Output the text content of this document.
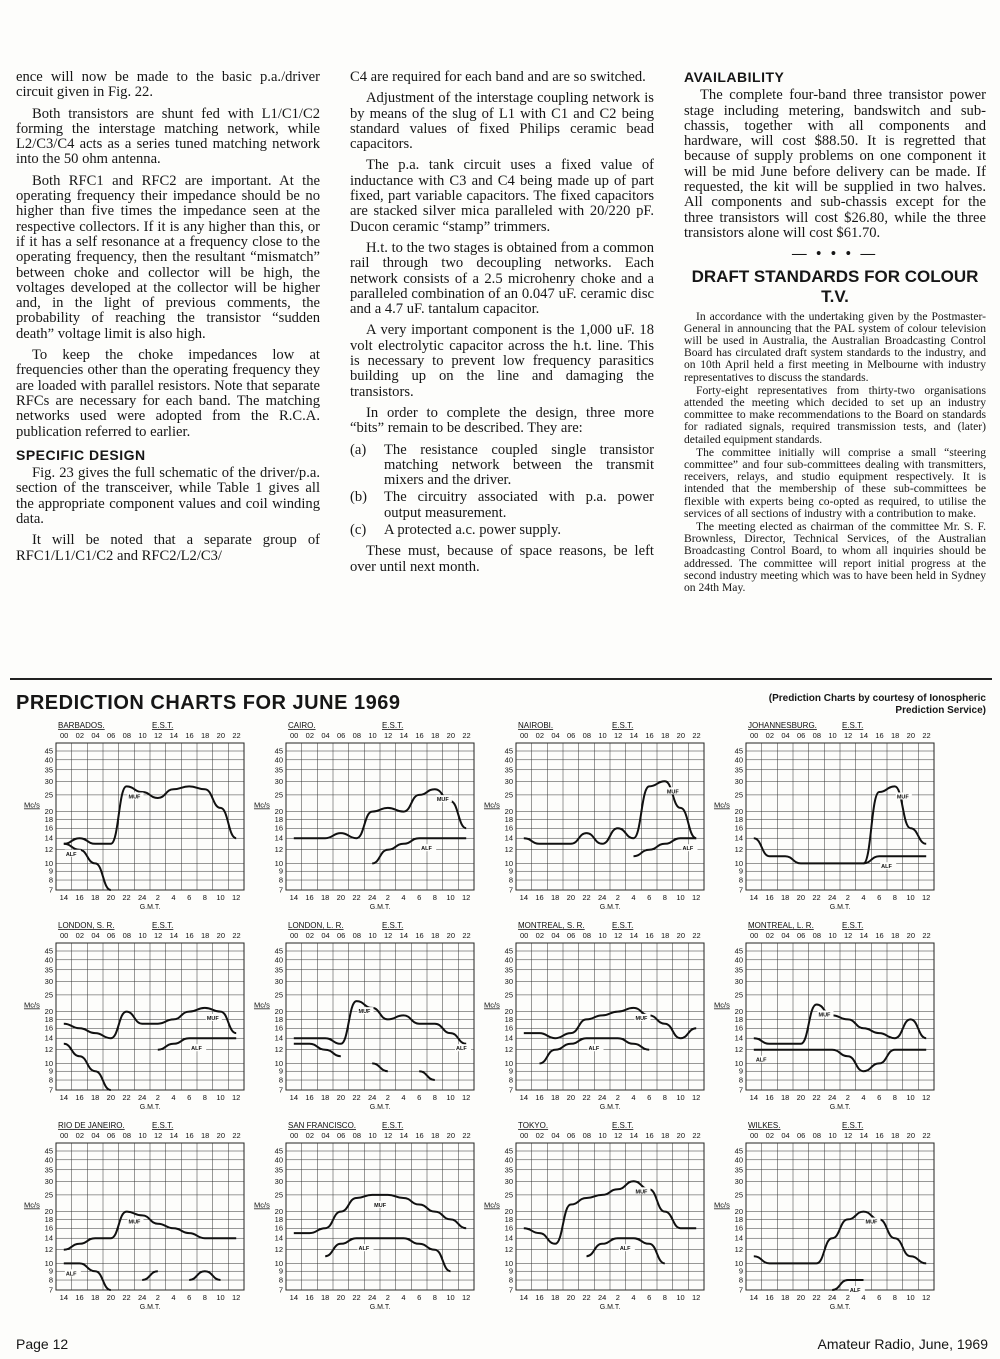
ence will now be made to the basic p.a./driver circuit given in Fig. 22.

Both transistors are shunt fed with L1/C1/C2 forming the interstage matching network, while L2/C3/C4 acts as a series tuned matching network into the 50 ohm antenna.

Both RFC1 and RFC2 are important. At the operating frequency their impedance should be no higher than five times the impedance seen at the respective collectors. If it is any higher than this, or if it has a self resonance at a frequency close to the operating frequency, then the resultant “mismatch” between choke and collector will be high, the voltages developed at the collector will be higher and, in the light of previous comments, the probability of reaching the transistor “sudden death” voltage limit is also high.

To keep the choke impedances low at frequencies other than the operating frequency they are loaded with parallel resistors. Note that separate RFCs are necessary for each band. The matching networks used were adopted from the R.C.A. publication referred to earlier.

SPECIFIC DESIGN

Fig. 23 gives the full schematic of the driver/p.a. section of the transceiver, while Table 1 gives all the appropriate component values and coil winding data.

It will be noted that a separate group of RFC1/L1/C1/C2 and RFC2/L2/C3/

C4 are required for each band and are so switched.

Adjustment of the interstage coupling network is by means of the slug of L1 with C1 and C2 being standard values of fixed Philips ceramic bead capacitors.

The p.a. tank circuit uses a fixed value of inductance with C3 and C4 being made up of part fixed, part variable capacitors. The fixed capacitors are stacked silver mica paralleled with 20/220 pF. Ducon ceramic “stamp” trimmers.

H.t. to the two stages is obtained from a common rail through two decoupling networks. Each network consists of a 2.5 microhenry choke and a paralleled combination of an 0.047 uF. ceramic disc and a 4.7 uF. tantalum capacitor.

A very important component is the 1,000 uF. 18 volt electrolytic capacitor across the h.t. line. This is necessary to prevent low frequency parasitics building up on the line and damaging the transistors.

In order to complete the design, three more “bits” remain to be described. They are:

(a)	The resistance coupled single transistor matching network between the transmit mixers and the driver.
(b)	The circuitry associated with p.a. power output measurement.
(c)	A protected a.c. power supply.

These must, because of space reasons, be left over until next month.

AVAILABILITY

The complete four-band three transistor power stage including metering, bandswitch and sub-chassis, together with all components and hardware, will cost $88.50. It is regretted that because of supply problems on one component it will be mid June before delivery can be made. If requested, the kit will be supplied in two halves. All components and sub-chassis except for the three transistors will cost $26.80, while the three transistors alone will cost $61.70.

— • • • —
DRAFT STANDARDS FOR COLOUR T.V.

In accordance with the undertaking given by the Postmaster-General in announcing that the PAL system of colour television will be used in Australia, the Australian Broadcasting Control Board has circulated draft system standards to the industry, and on 10th April held a first meeting in Melbourne with industry representatives to discuss the standards.

Forty-eight representatives from thirty-two organisations attended the meeting which decided to set up an industry committee to make recommendations to the Board on standards for radiated signals, required transmission tests, and (later) detailed equipment standards.

The committee initially will comprise a small “steering committee” and four sub-committees dealing with transmitters, receivers, relays, and studio equipment respectively. It is intended that the membership of these sub-committees be flexible with experts being co-opted as required, to utilise the services of all sections of industry with a contribution to make.

The meeting elected as chairman of the committee Mr. S. F. Brownless, Director, Technical Services, of the Australian Broadcasting Control Board, to whom all inquiries should be addressed. The committee will report initial progress at the second industry meeting which was to have been held in Sydney on 24th May.

PREDICTION CHARTS FOR JUNE 1969	(Prediction Charts by courtesy of Ionospheric Prediction Service)
BARBADOS.	E.S.T.
00 02 04 06 08 10 12 14 16 18 20 22
7
8
9
10
12
14
16
18
20
25
30
35
40
45
Mc/s
14 16 18 20 22 24 2 4 6 8 10 12
G.M.T.
MUF
ALF
CAIRO.	E.S.T.
00 02 04 06 08 10 12 14 16 18 20 22
7
8
9
10
12
14
16
18
20
25
30
35
40
45
Mc/s
14 16 18 20 22 24 2 4 6 8 10 12
G.M.T.
MUF
ALF
NAIROBI.	E.S.T.
00 02 04 06 08 10 12 14 16 18 20 22
7
8
9
10
12
14
16
18
20
25
30
35
40
45
Mc/s
14 16 18 20 22 24 2 4 6 8 10 12
G.M.T.
MUF
ALF
JOHANNESBURG.	E.S.T.
00 02 04 06 08 10 12 14 16 18 20 22
7
8
9
10
12
14
16
18
20
25
30
35
40
45
Mc/s
14 16 18 20 22 24 2 4 6 8 10 12
G.M.T.
MUF
ALF
LONDON, S. R.	E.S.T.
00 02 04 06 08 10 12 14 16 18 20 22
7
8
9
10
12
14
16
18
20
25
30
35
40
45
Mc/s
14 16 18 20 22 24 2 4 6 8 10 12
G.M.T.
MUF
ALF
LONDON, L. R.	E.S.T.
00 02 04 06 08 10 12 14 16 18 20 22
7
8
9
10
12
14
16
18
20
25
30
35
40
45
Mc/s
14 16 18 20 22 24 2 4 6 8 10 12
G.M.T.
MUF
ALF
MONTREAL, S. R.	E.S.T.
00 02 04 06 08 10 12 14 16 18 20 22
7
8
9
10
12
14
16
18
20
25
30
35
40
45
Mc/s
14 16 18 20 22 24 2 4 6 8 10 12
G.M.T.
MUF
ALF
MONTREAL, L. R.	E.S.T.
00 02 04 06 08 10 12 14 16 18 20 22
7
8
9
10
12
14
16
18
20
25
30
35
40
45
Mc/s
14 16 18 20 22 24 2 4 6 8 10 12
G.M.T.
MUF
ALF
RIO DE JANEIRO.	E.S.T.
00 02 04 06 08 10 12 14 16 18 20 22
7
8
9
10
12
14
16
18
20
25
30
35
40
45
Mc/s
14 16 18 20 22 24 2 4 6 8 10 12
G.M.T.
MUF
ALF
SAN FRANCISCO.	E.S.T.
00 02 04 06 08 10 12 14 16 18 20 22
7
8
9
10
12
14
16
18
20
25
30
35
40
45
Mc/s
14 16 18 20 22 24 2 4 6 8 10 12
G.M.T.
MUF
ALF
TOKYO.	E.S.T.
00 02 04 06 08 10 12 14 16 18 20 22
7
8
9
10
12
14
16
18
20
25
30
35
40
45
Mc/s
14 16 18 20 22 24 2 4 6 8 10 12
G.M.T.
MUF
ALF
WILKES.	E.S.T.
00 02 04 06 08 10 12 14 16 18 20 22
7
8
9
10
12
14
16
18
20
25
30
35
40
45
Mc/s
14 16 18 20 22 24 2 4 6 8 10 12
G.M.T.
MUF
ALF
Page 12	Amateur Radio, June, 1969
